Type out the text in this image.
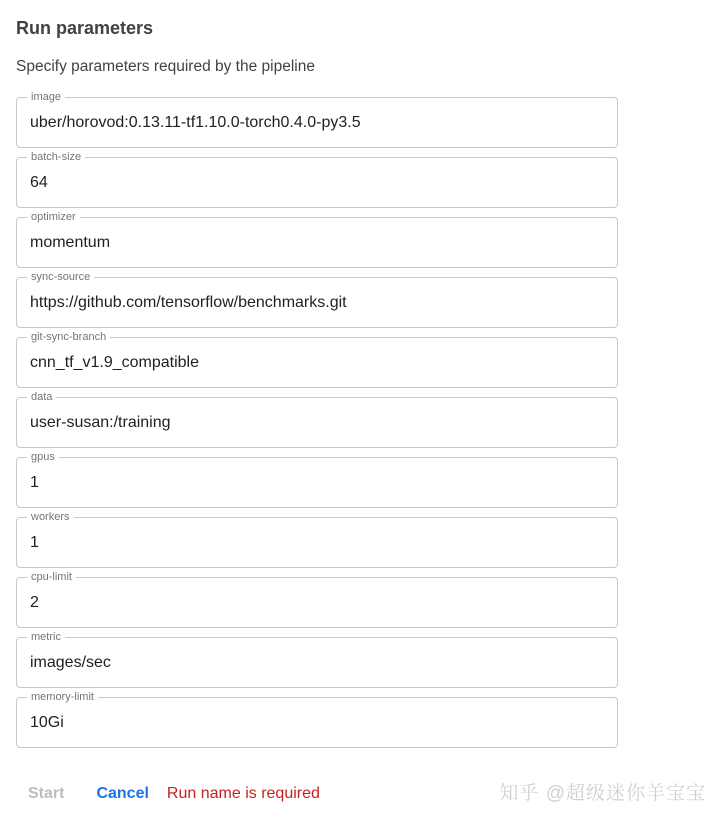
Run parameters
Specify parameters required by the pipeline
image
uber/horovod:0.13.11-tf1.10.0-torch0.4.0-py3.5
batch-size
64
optimizer
momentum
sync-source
https://github.com/tensorflow/benchmarks.git
git-sync-branch
cnn_tf_v1.9_compatible
data
user-susan:/training
gpus
1
workers
1
cpu-limit
2
metric
images/sec
memory-limit
10Gi
Start Cancel Run name is required	知乎 @超级迷你羊宝宝
